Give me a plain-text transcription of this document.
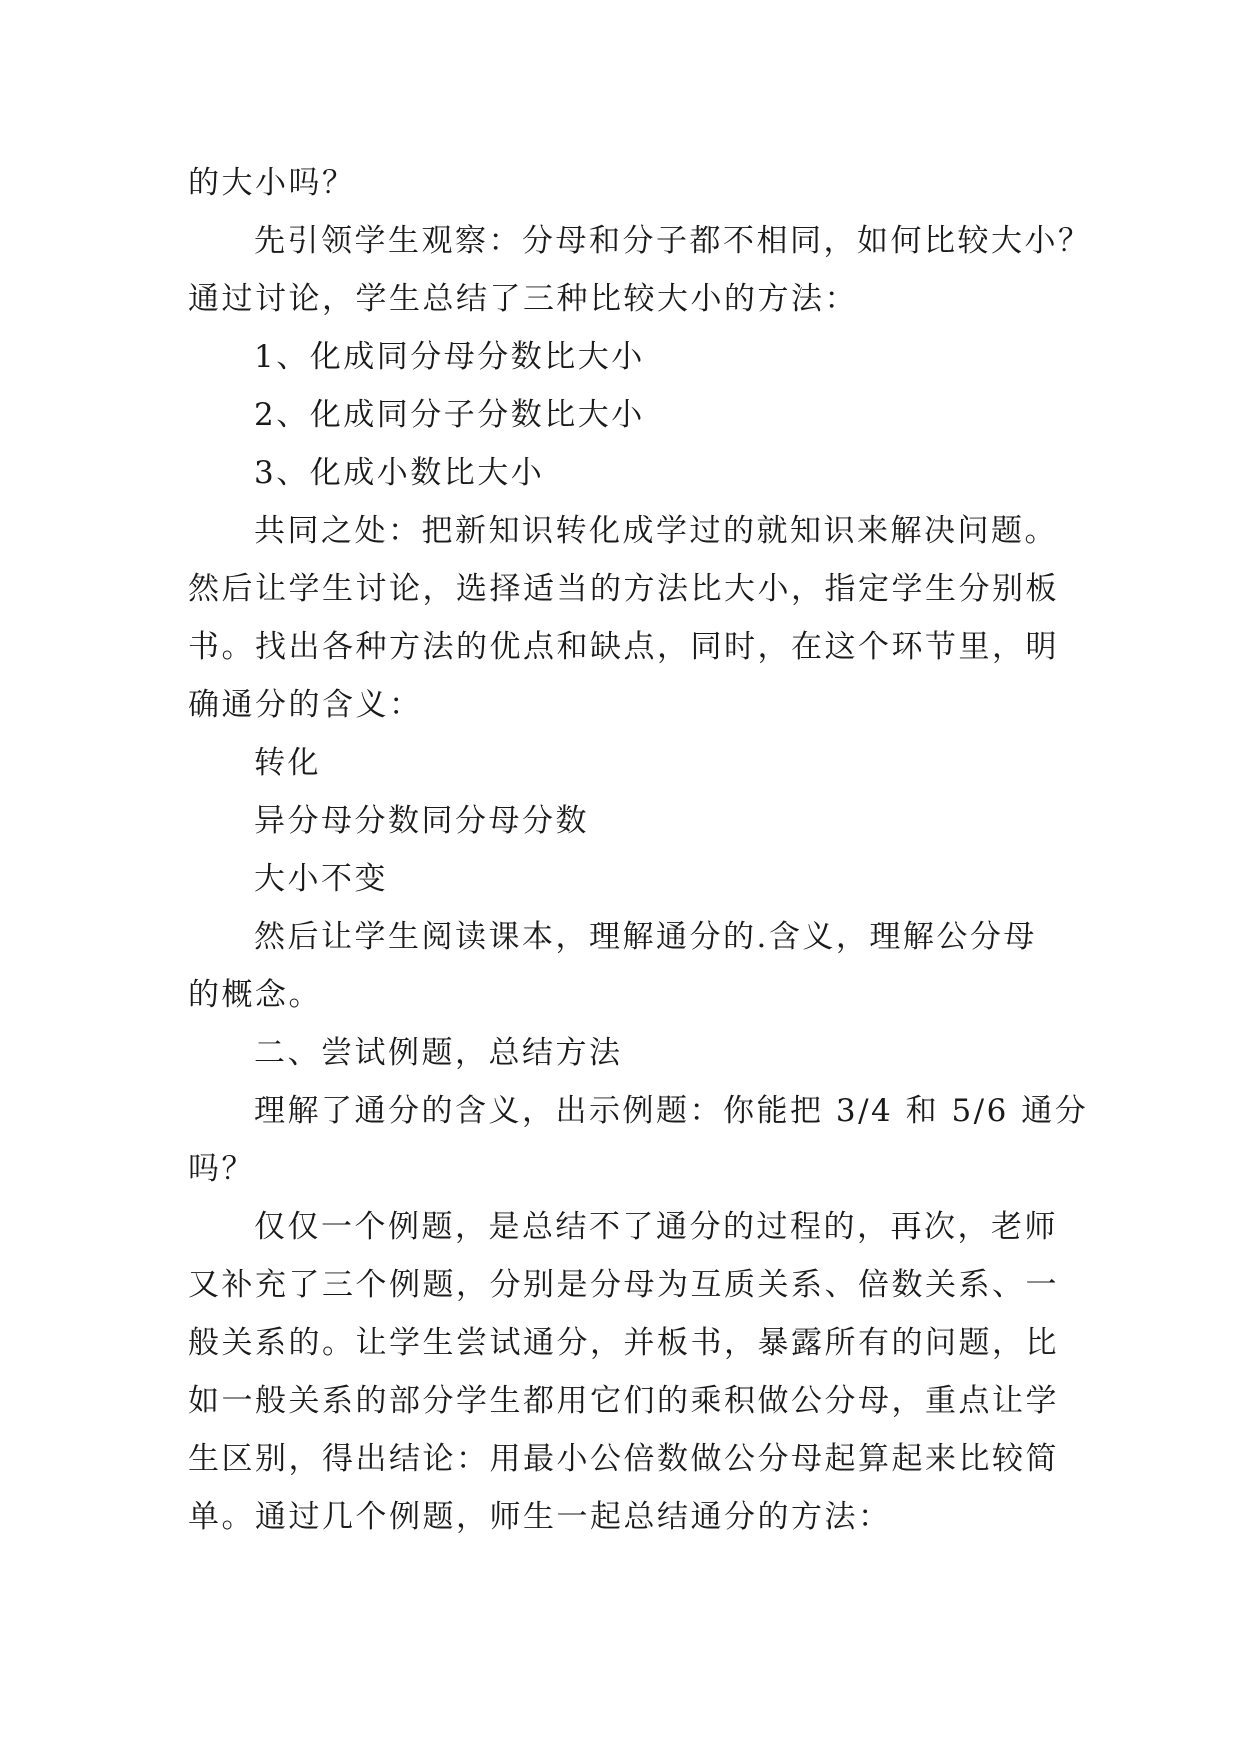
的大小吗？
先引领学生观察：分母和分子都不相同，如何比较大小？
通过讨论，学生总结了三种比较大小的方法：
1、化成同分母分数比大小
2、化成同分子分数比大小
3、化成小数比大小
共同之处：把新知识转化成学过的就知识来解决问题。
然后让学生讨论，选择适当的方法比大小，指定学生分别板
书。找出各种方法的优点和缺点，同时，在这个环节里，明
确通分的含义：
转化
异分母分数同分母分数
大小不变
然后让学生阅读课本，理解通分的.含义，理解公分母
的概念。
二、尝试例题，总结方法
理解了通分的含义，出示例题：你能把 3/4 和 5/6 通分
吗？
仅仅一个例题，是总结不了通分的过程的，再次，老师
又补充了三个例题，分别是分母为互质关系、倍数关系、一
般关系的。让学生尝试通分，并板书，暴露所有的问题，比
如一般关系的部分学生都用它们的乘积做公分母，重点让学
生区别，得出结论：用最小公倍数做公分母起算起来比较简
单。通过几个例题，师生一起总结通分的方法：
